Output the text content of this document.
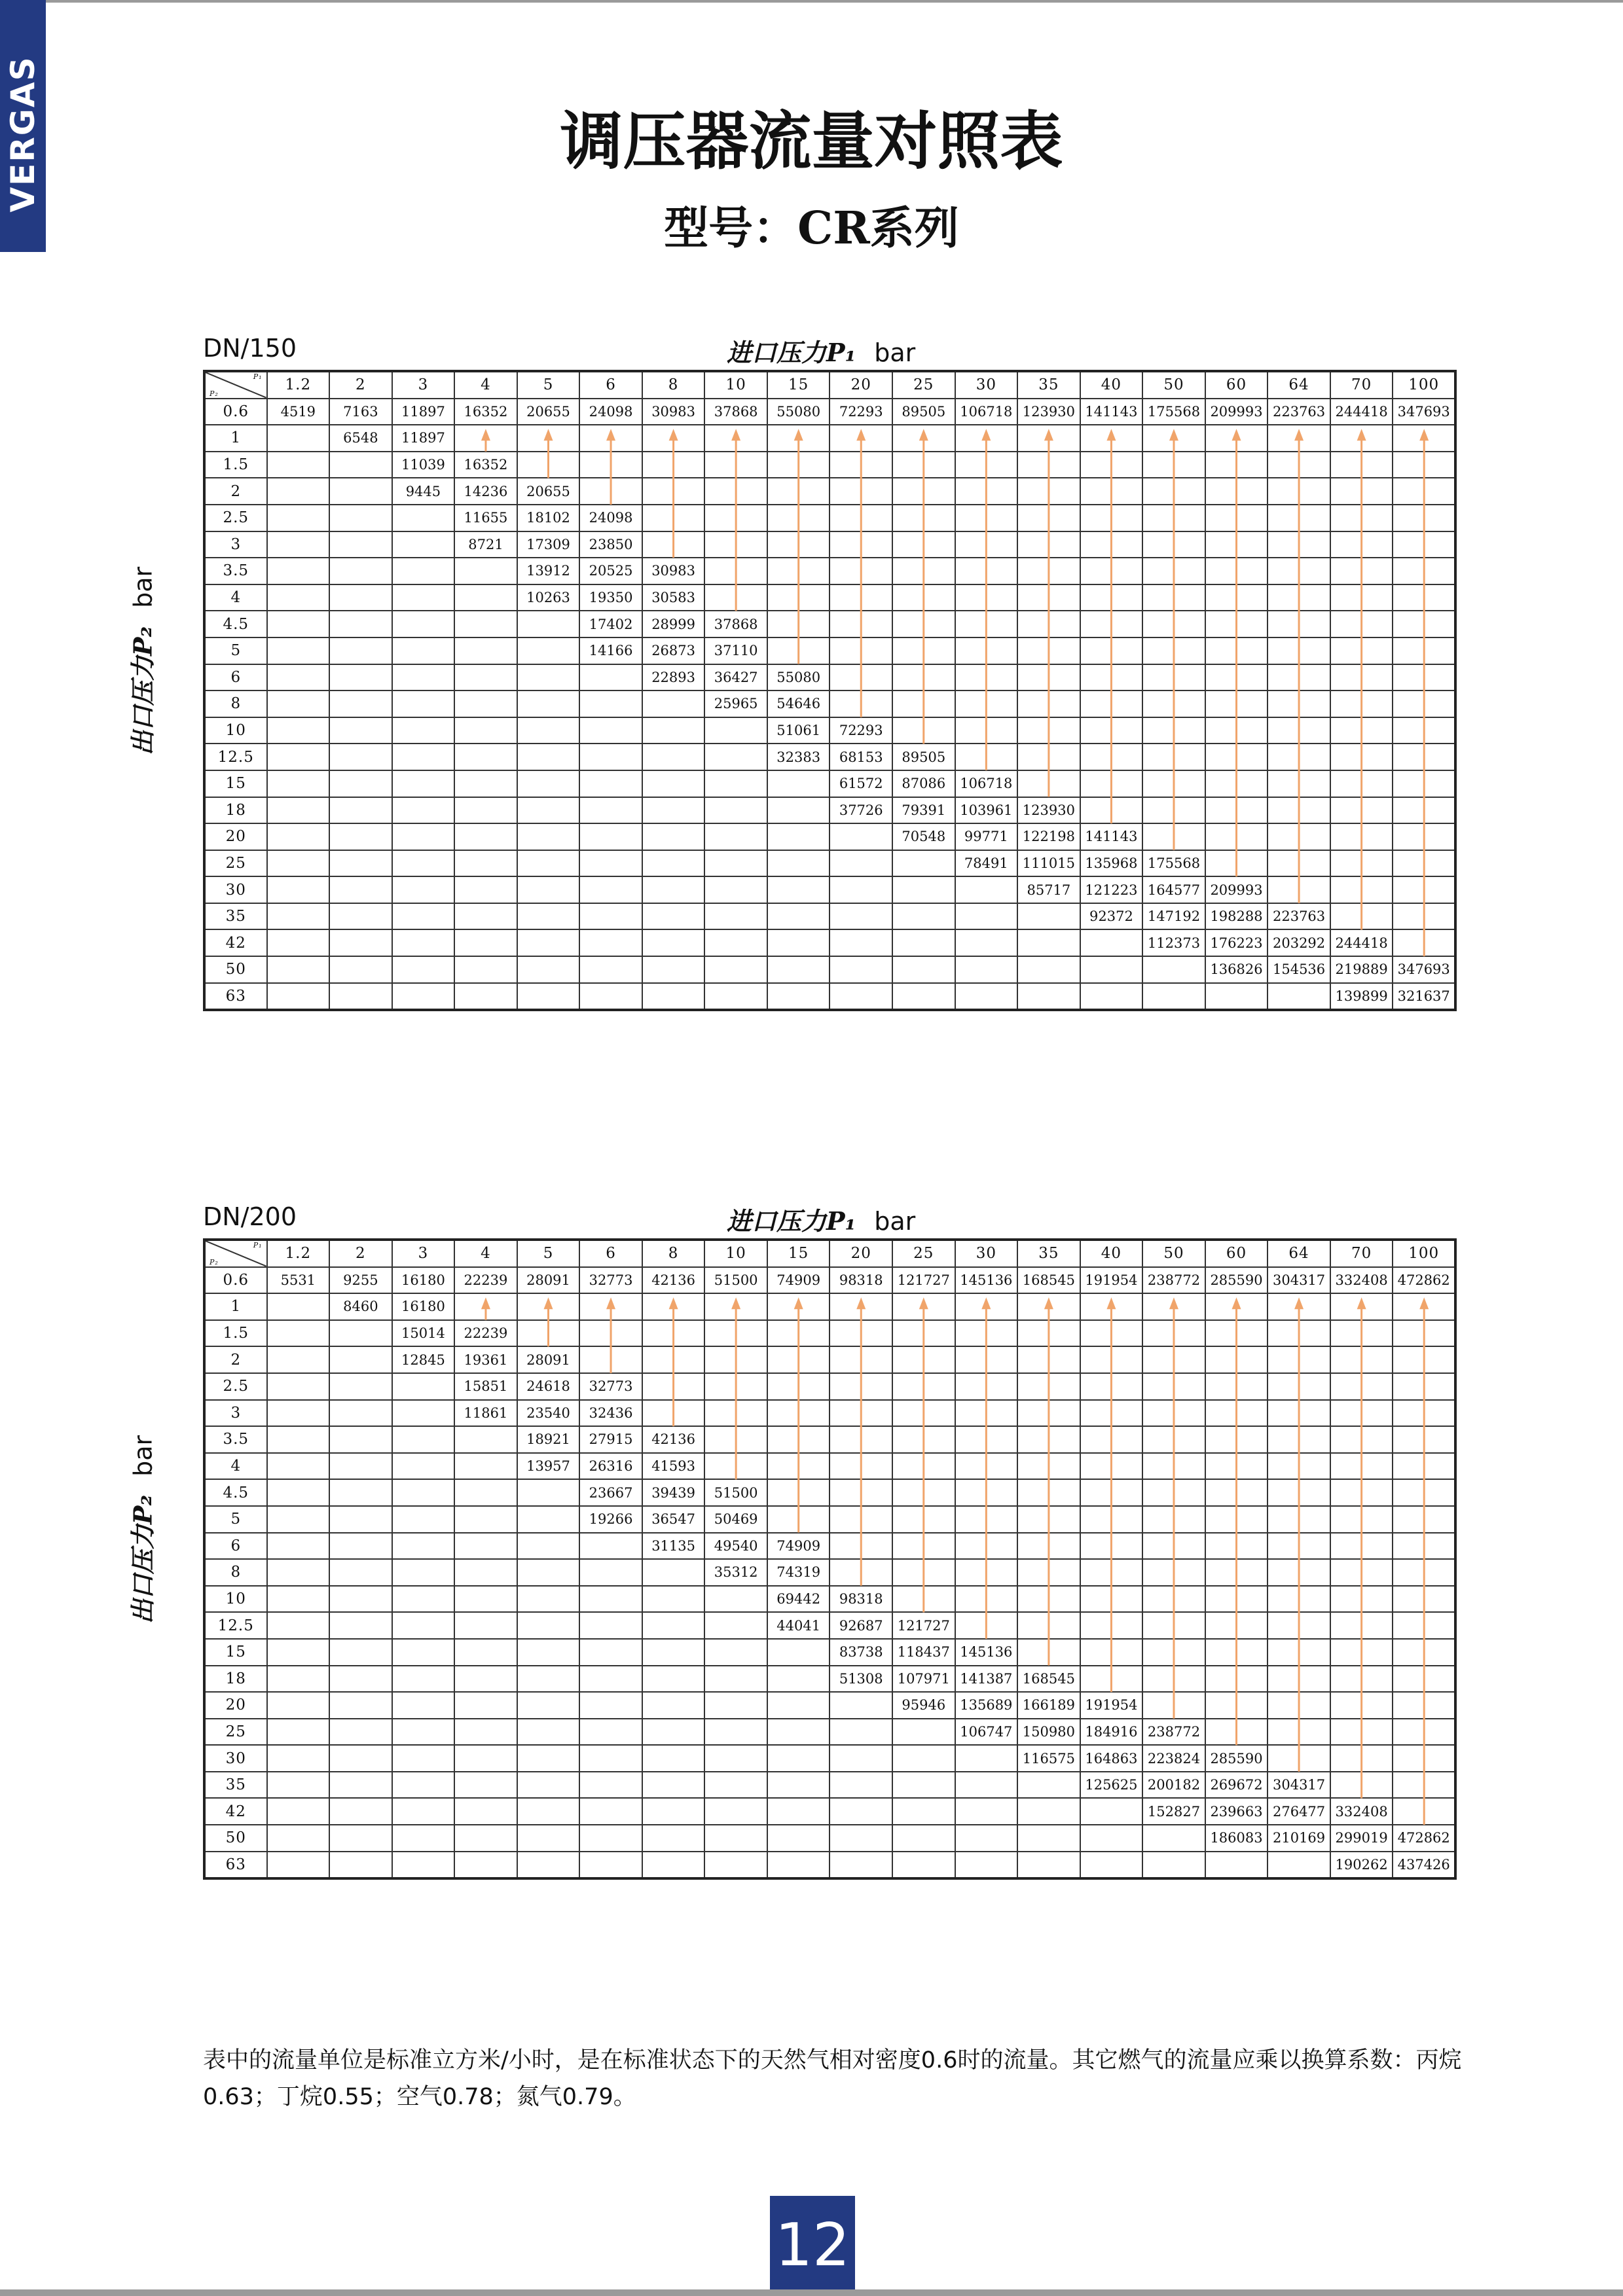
VERGAS	调压器流量对照表
型号：CR系列
DN/150	进口压力P₁ bar
出口压力P₂bar
P₁
P₂	1.2	2	3	4	5	6	8	10	15	20	25	30	35	40	50	60	64	70	100
0.6	4519	7163	11897	16352	20655	24098	30983	37868	55080	72293	89505	106718	123930	141143	175568	209993	223763	244418	347693
1		6548	11897																
1.5			11039	16352															
2			9445	14236	20655														
2.5				11655	18102	24098													
3				8721	17309	23850													
3.5					13912	20525	30983												
4					10263	19350	30583												
4.5						17402	28999	37868											
5						14166	26873	37110											
6							22893	36427	55080										
8								25965	54646										
10									51061	72293									
12.5									32383	68153	89505								
15										61572	87086	106718							
18										37726	79391	103961	123930						
20											70548	99771	122198	141143					
25												78491	111015	135968	175568				
30													85717	121223	164577	209993			
35														92372	147192	198288	223763		
42															112373	176223	203292	244418	
50																136826	154536	219889	347693
63																		139899	321637
DN/200	进口压力P₁ bar
出口压力P₂bar
P₁
P₂	1.2	2	3	4	5	6	8	10	15	20	25	30	35	40	50	60	64	70	100
0.6	5531	9255	16180	22239	28091	32773	42136	51500	74909	98318	121727	145136	168545	191954	238772	285590	304317	332408	472862
1		8460	16180																
1.5			15014	22239															
2			12845	19361	28091														
2.5				15851	24618	32773													
3				11861	23540	32436													
3.5					18921	27915	42136												
4					13957	26316	41593												
4.5						23667	39439	51500											
5						19266	36547	50469											
6							31135	49540	74909										
8								35312	74319										
10									69442	98318									
12.5									44041	92687	121727								
15										83738	118437	145136							
18										51308	107971	141387	168545						
20											95946	135689	166189	191954					
25												106747	150980	184916	238772				
30													116575	164863	223824	285590			
35														125625	200182	269672	304317		
42															152827	239663	276477	332408	
50																186083	210169	299019	472862
63																		190262	437426
表中的流量单位是标准立方米/小时，是在标准状态下的天然气相对密度0.6时的流量。其它燃气的流量应乘以换算系数：丙烷0.63；丁烷0.55；空气0.78；氮气0.79。
12
